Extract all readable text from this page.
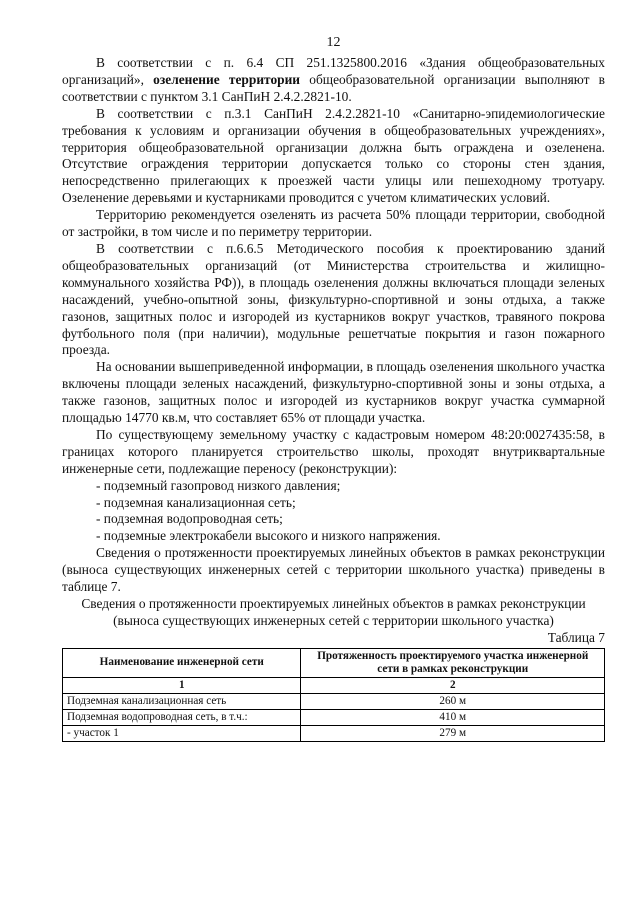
12

В соответствии с п. 6.4 СП 251.1325800.2016 «Здания общеобразовательных организаций», озеленение территории общеобразовательной организации выполняют в соответствии с пунктом 3.1 СанПиН 2.4.2.2821-10.

В соответствии с п.3.1 СанПиН 2.4.2.2821-10 «Санитарно-эпидемиологические требования к условиям и организации обучения в общеобразовательных учреждениях», территория общеобразовательной организации должна быть ограждена и озеленена. Отсутствие ограждения территории допускается только со стороны стен здания, непосредственно прилегающих к проезжей части улицы или пешеходному тротуару. Озеленение деревьями и кустарниками проводится с учетом климатических условий.

Территорию рекомендуется озеленять из расчета 50% площади территории, свободной от застройки, в том числе и по периметру территории.

В соответствии с п.6.6.5 Методического пособия к проектированию зданий общеобразовательных организаций (от Министерства строительства и жилищно-коммунального хозяйства РФ)), в площадь озеленения должны включаться площади зеленых насаждений, учебно-опытной зоны, физкультурно-спортивной и зоны отдыха, а также газонов, защитных полос и изгородей из кустарников вокруг участков, травяного покрова футбольного поля (при наличии), модульные решетчатые покрытия и газон пожарного проезда.

На основании вышеприведенной информации, в площадь озеленения школьного участка включены площади зеленых насаждений, физкультурно-спортивной зоны и зоны отдыха, а также газонов, защитных полос и изгородей из кустарников вокруг участка суммарной площадью 14770 кв.м, что составляет 65% от площади участка.

По существующему земельному участку с кадастровым номером 48:20:0027435:58, в границах которого планируется строительство школы, проходят внутриквартальные инженерные сети, подлежащие переносу (реконструкции):

- подземный газопровод низкого давления;

- подземная канализационная сеть;

- подземная водопроводная сеть;

- подземные электрокабели высокого и низкого напряжения.

Сведения о протяженности проектируемых линейных объектов в рамках реконструкции (выноса существующих инженерных сетей с территории школьного участка) приведены в таблице 7.

Сведения о протяженности проектируемых линейных объектов в рамках реконструкции (выноса существующих инженерных сетей с территории школьного участка)

Таблица 7

Наименование инженерной сети	Протяженность проектируемого участка инженерной сети в рамках реконструкции
1	2
Подземная канализационная сеть	260 м
Подземная водопроводная сеть, в т.ч.:	410 м
- участок 1	279 м
